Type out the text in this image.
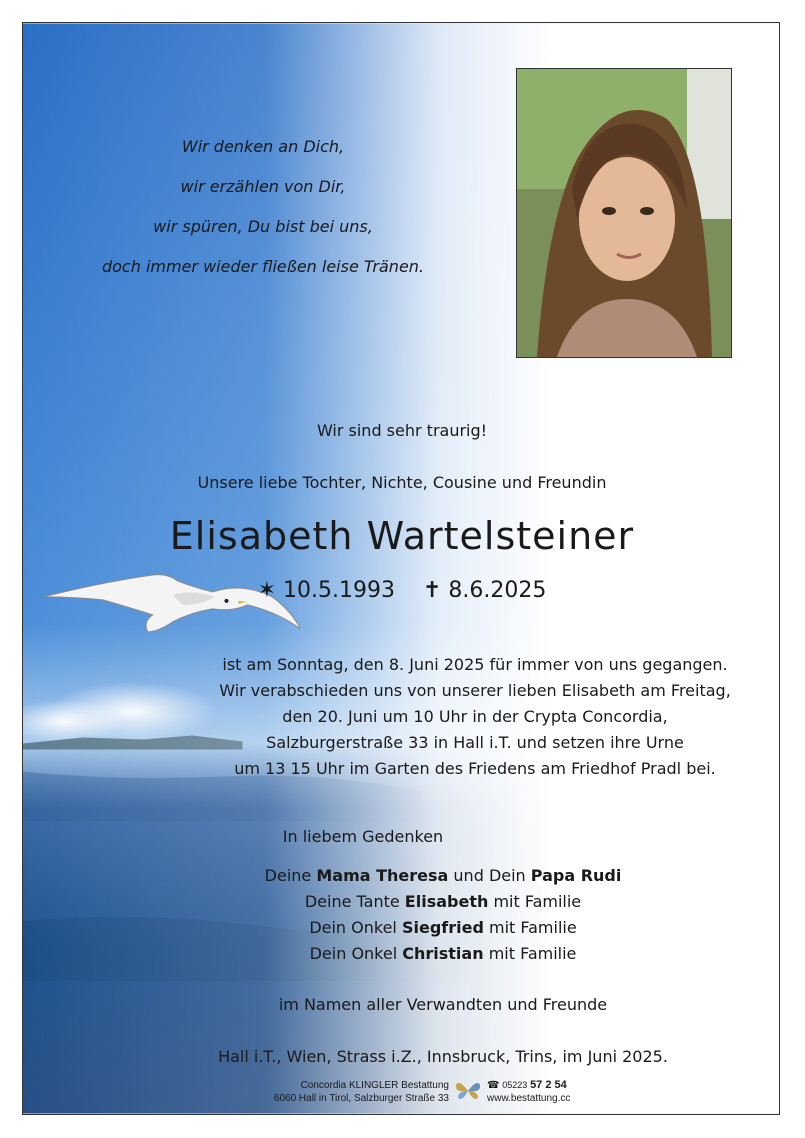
Wir denken an Dich,
wir erzählen von Dir,
wir spüren, Du bist bei uns,
doch immer wieder fließen leise Tränen.
Wir sind sehr traurig!
Unsere liebe Tochter, Nichte, Cousine und Freundin
Elisabeth Wartelsteiner
✶ 10.5.1993 ✝ 8.6.2025
ist am Sonntag, den 8. Juni 2025 für immer von uns gegangen.
Wir verabschieden uns von unserer lieben Elisabeth am Freitag,
den 20. Juni um 10 Uhr in der Crypta Concordia,
Salzburgerstraße 33 in Hall i.T. und setzen ihre Urne
um 13 15 Uhr im Garten des Friedens am Friedhof Pradl bei.
In liebem Gedenken
Deine Mama Theresa und Dein Papa Rudi
Deine Tante Elisabeth mit Familie
Dein Onkel Siegfried mit Familie
Dein Onkel Christian mit Familie
im Namen aller Verwandten und Freunde
Hall i.T., Wien, Strass i.Z., Innsbruck, Trins, im Juni 2025.
Concordia KLINGLER Bestattung
6060 Hall in Tirol, Salzburger Straße 33
☎ 05223 57 2 54
www.bestattung.cc
